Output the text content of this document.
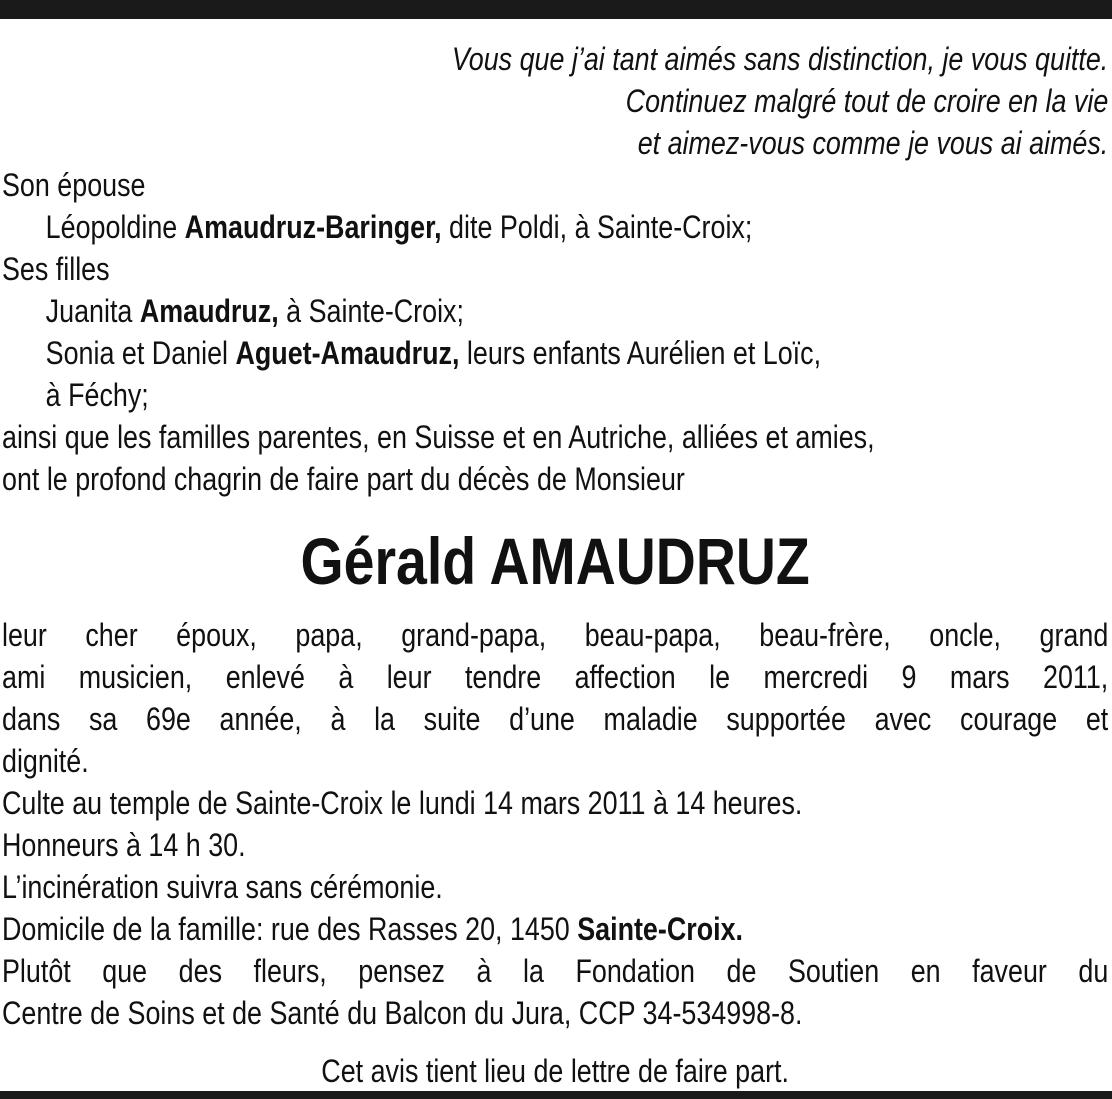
Vous que j’ai tant aimés sans distinction, je vous quitte.
Continuez malgré tout de croire en la vie
et aimez-vous comme je vous ai aimés.
Son épouse
Léopoldine Amaudruz-Baringer, dite Poldi, à Sainte-Croix;
Ses filles
Juanita Amaudruz, à Sainte-Croix;
Sonia et Daniel Aguet-Amaudruz, leurs enfants Aurélien et Loïc,
à Féchy;
ainsi que les familles parentes, en Suisse et en Autriche, alliées et amies,
ont le profond chagrin de faire part du décès de Monsieur
Gérald AMAUDRUZ
leur cher époux, papa, grand-papa, beau-papa, beau-frère, oncle, grand
ami musicien, enlevé à leur tendre affection le mercredi 9 mars 2011,
dans sa 69e année, à la suite d’une maladie supportée avec courage et
dignité.
Culte au temple de Sainte-Croix le lundi 14 mars 2011 à 14 heures.
Honneurs à 14 h 30.
L’incinération suivra sans cérémonie.
Domicile de la famille: rue des Rasses 20, 1450 Sainte-Croix.
Plutôt que des fleurs, pensez à la Fondation de Soutien en faveur du
Centre de Soins et de Santé du Balcon du Jura, CCP 34-534998-8.
Cet avis tient lieu de lettre de faire part.
